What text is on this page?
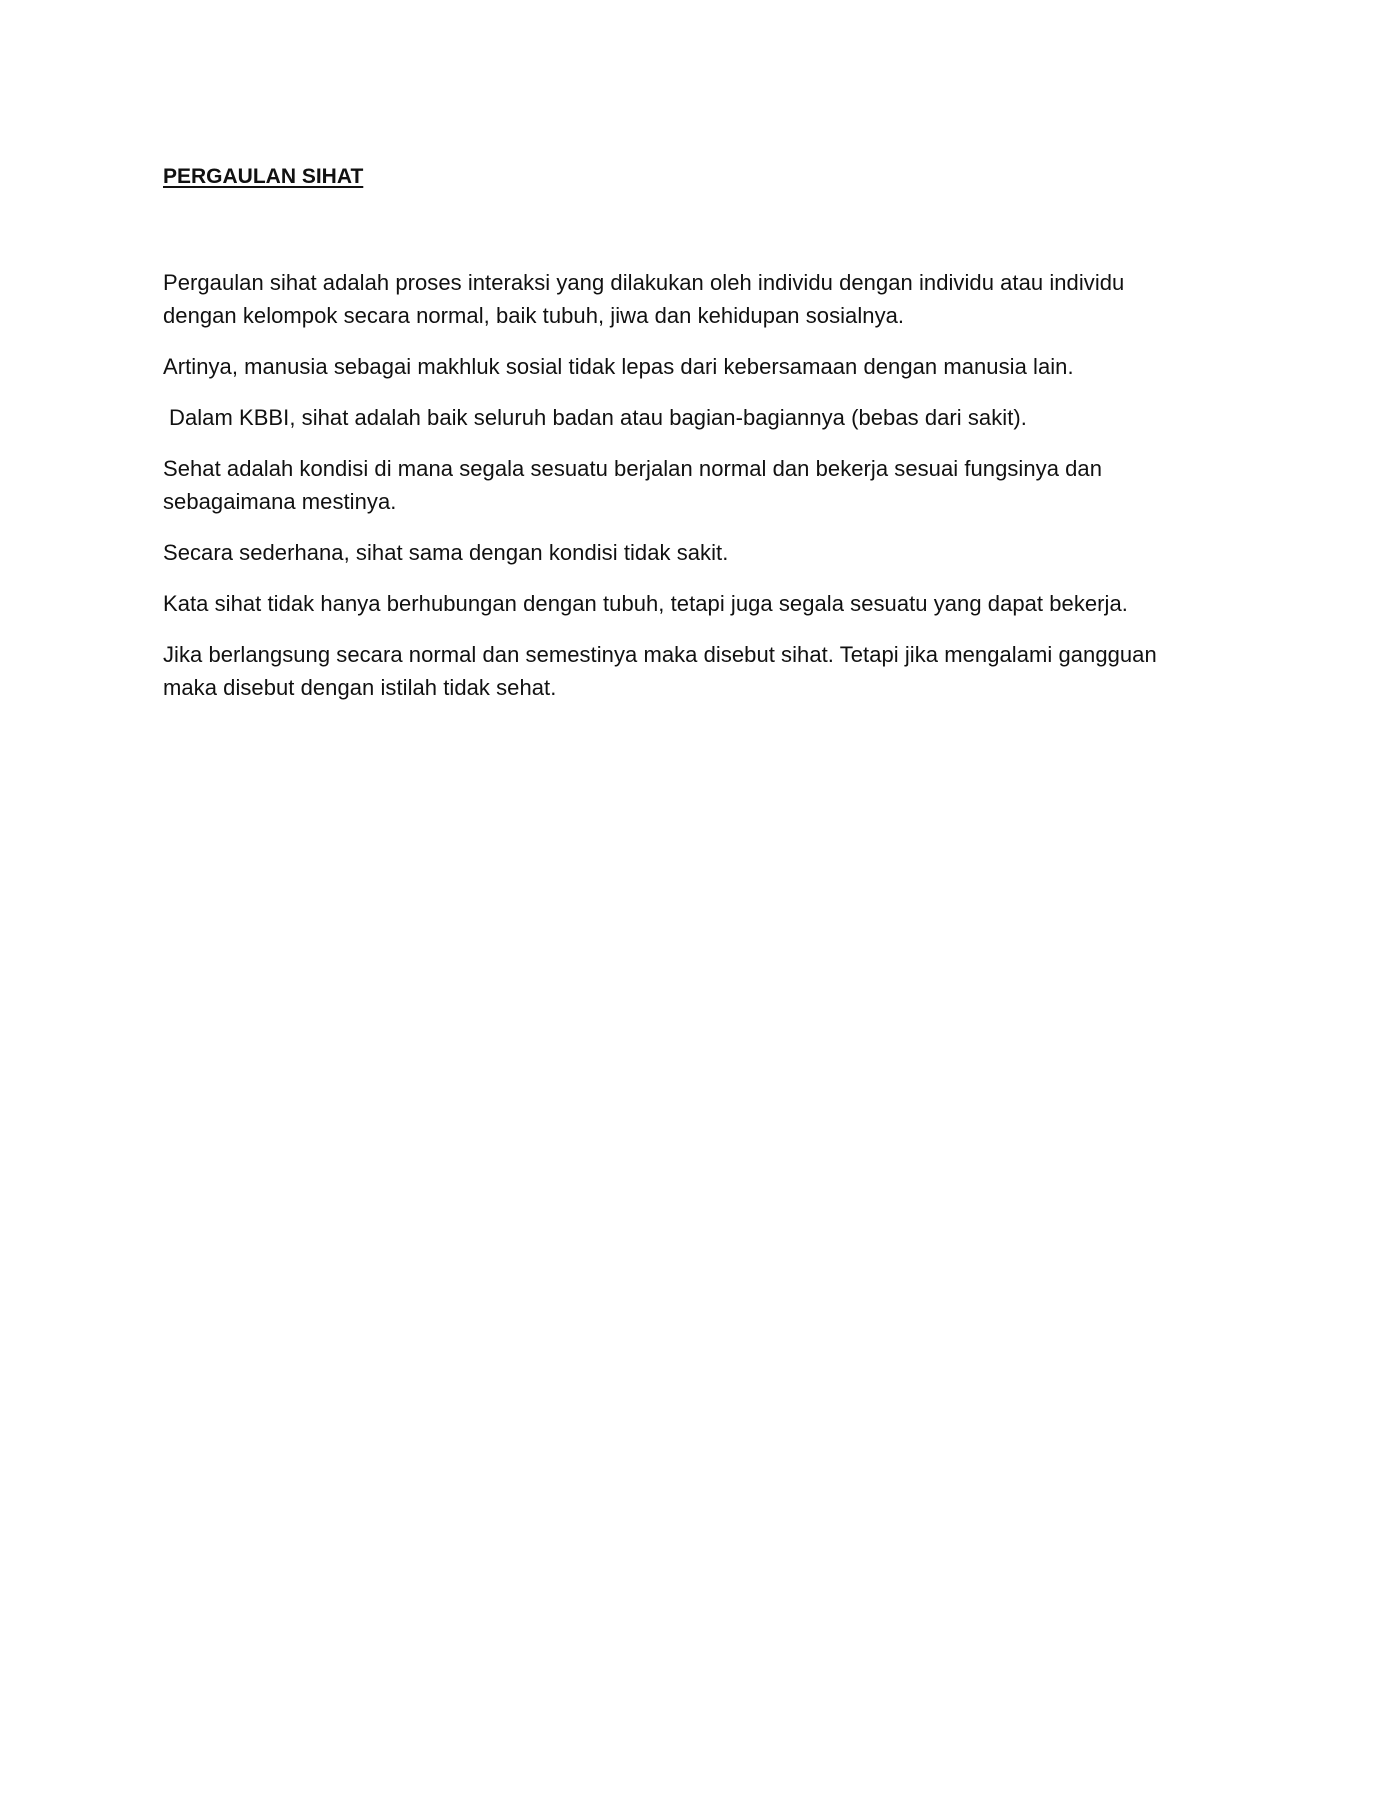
PERGAULAN SIHAT

Pergaulan sihat adalah proses interaksi yang dilakukan oleh individu dengan individu atau individu dengan kelompok secara normal, baik tubuh, jiwa dan kehidupan sosialnya.

Artinya, manusia sebagai makhluk sosial tidak lepas dari kebersamaan dengan manusia lain.

Dalam KBBI, sihat adalah baik seluruh badan atau bagian-bagiannya (bebas dari sakit).

Sehat adalah kondisi di mana segala sesuatu berjalan normal dan bekerja sesuai fungsinya dan sebagaimana mestinya.

Secara sederhana, sihat sama dengan kondisi tidak sakit.

Kata sihat tidak hanya berhubungan dengan tubuh, tetapi juga segala sesuatu yang dapat bekerja.

Jika berlangsung secara normal dan semestinya maka disebut sihat. Tetapi jika mengalami gangguan maka disebut dengan istilah tidak sehat.
